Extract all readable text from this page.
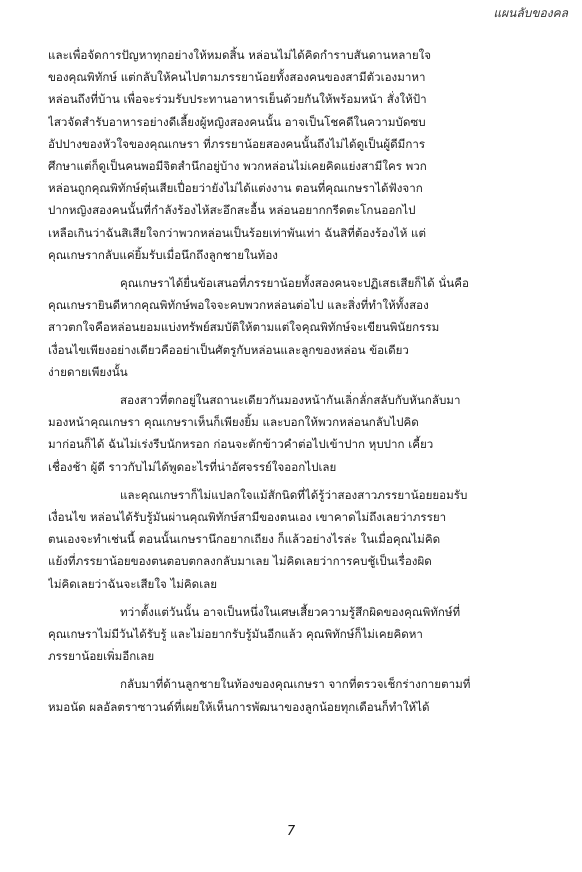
แผนลับของคล
และเพื่อจัดการปัญหาทุกอย่างให้หมดสิ้น หล่อนไม่ได้คิดกำราบสันดานหลายใจ
ของคุณพิทักษ์ แต่กลับให้คนไปตามภรรยาน้อยทั้งสองคนของสามีตัวเองมาหา
หล่อนถึงที่บ้าน เพื่อจะร่วมรับประทานอาหารเย็นด้วยกันให้พร้อมหน้า สั่งให้ป้า
ไสวจัดสำรับอาหารอย่างดีเลี้ยงผู้หญิงสองคนนั้น อาจเป็นโชคดีในความบัดซบ
อัปปางของหัวใจของคุณเกษรา ที่ภรรยาน้อยสองคนนั้นถึงไม่ได้ดูเป็นผู้ดีมีการ
ศึกษาแต่ก็ดูเป็นคนพอมีจิตสำนึกอยู่บ้าง พวกหล่อนไม่เคยคิดแย่งสามีใคร พวก
หล่อนถูกคุณพิทักษ์ตุ๋นเสียเปื่อยว่ายังไม่ได้แต่งงาน ตอนที่คุณเกษราได้ฟังจาก
ปากหญิงสองคนนั้นที่กำลังร้องไห้สะอึกสะอื้น หล่อนอยากกรีดตะโกนออกไป
เหลือเกินว่าฉันสิเสียใจกว่าพวกหล่อนเป็นร้อยเท่าพันเท่า ฉันสิที่ต้องร้องไห้ แต่
คุณเกษรากลับแค่ยิ้มรับเมื่อนึกถึงลูกชายในท้อง
คุณเกษราได้ยื่นข้อเสนอที่ภรรยาน้อยทั้งสองคนจะปฏิเสธเสียก็ได้ นั่นคือ
คุณเกษรายินดีหากคุณพิทักษ์พอใจจะคบพวกหล่อนต่อไป และสิ่งที่ทำให้ทั้งสอง
สาวตกใจคือหล่อนยอมแบ่งทรัพย์สมบัติให้ตามแต่ใจคุณพิทักษ์จะเขียนพินัยกรรม
เงื่อนไขเพียงอย่างเดียวคืออย่าเป็นศัตรูกับหล่อนและลูกของหล่อน ข้อเดียว
ง่ายดายเพียงนั้น
สองสาวที่ตกอยู่ในสถานะเดียวกันมองหน้ากันเลิ่กลั่กสลับกับหันกลับมา
มองหน้าคุณเกษรา คุณเกษราเห็นก็เพียงยิ้ม และบอกให้พวกหล่อนกลับไปคิด
มาก่อนก็ได้ ฉันไม่เร่งรีบนักหรอก ก่อนจะตักข้าวคำต่อไปเข้าปาก หุบปาก เคี้ยว
เชื่องช้า ผู้ดี ราวกับไม่ได้พูดอะไรที่น่าอัศจรรย์ใจออกไปเลย
และคุณเกษราก็ไม่แปลกใจแม้สักนิดที่ได้รู้ว่าสองสาวภรรยาน้อยยอมรับ
เงื่อนไข หล่อนได้รับรู้มันผ่านคุณพิทักษ์สามีของตนเอง เขาคาดไม่ถึงเลยว่าภรรยา
ตนเองจะทำเช่นนี้ ตอนนั้นเกษรานึกอยากเถียง ก็แล้วอย่างไรล่ะ ในเมื่อคุณไม่คิด
แย้งที่ภรรยาน้อยของตนตอบตกลงกลับมาเลย ไม่คิดเลยว่าการคบชู้เป็นเรื่องผิด
ไม่คิดเลยว่าฉันจะเสียใจ ไม่คิดเลย
ทว่าตั้งแต่วันนั้น อาจเป็นหนึ่งในเศษเสี้ยวความรู้สึกผิดของคุณพิทักษ์ที่
คุณเกษราไม่มีวันได้รับรู้ และไม่อยากรับรู้มันอีกแล้ว คุณพิทักษ์ก็ไม่เคยคิดหา
ภรรยาน้อยเพิ่มอีกเลย
กลับมาที่ด้านลูกชายในท้องของคุณเกษรา จากที่ตรวจเช็กร่างกายตามที่
หมอนัด ผลอัลตราซาวนด์ที่เผยให้เห็นการพัฒนาของลูกน้อยทุกเดือนก็ทำให้ได้
7
